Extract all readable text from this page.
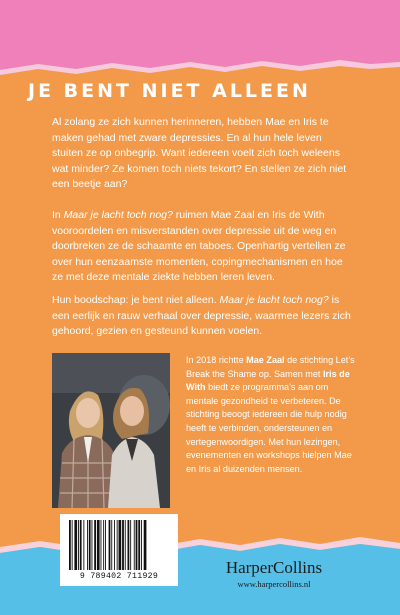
JE BENT NIET ALLEEN
Al zolang ze zich kunnen herinneren, hebben Mae en Iris te maken gehad met zware depressies. En al hun hele leven stuiten ze op onbegrip. Want iedereen voelt zich toch weleens wat minder? Ze komen toch niets tekort? En stellen ze zich niet een beetje aan?
In Maar je lacht toch nog? ruimen Mae Zaal en Iris de With vooroordelen en misverstanden over depressie uit de weg en doorbreken ze de schaamte en taboes. Openhartig vertellen ze over hun eenzaamste momenten, copingmechanismen en hoe ze met deze mentale ziekte hebben leren leven.
Hun boodschap: je bent niet alleen. Maar je lacht toch nog? is een eerlijk en rauw verhaal over depressie, waarmee lezers zich gehoord, gezien en gesteund kunnen voelen.
In 2018 richtte Mae Zaal de stichting Let’s Break the Shame op. Samen met Iris de With biedt ze programma’s aan om mentale gezondheid te verbeteren. De stichting beoogt iedereen die hulp nodig heeft te verbinden, ondersteunen en vertegenwoordigen. Met hun lezingen, evenementen en workshops hielpen Mae en Iris al duizenden mensen.
9 789402 711929	HarperCollins
www.harpercollins.nl
